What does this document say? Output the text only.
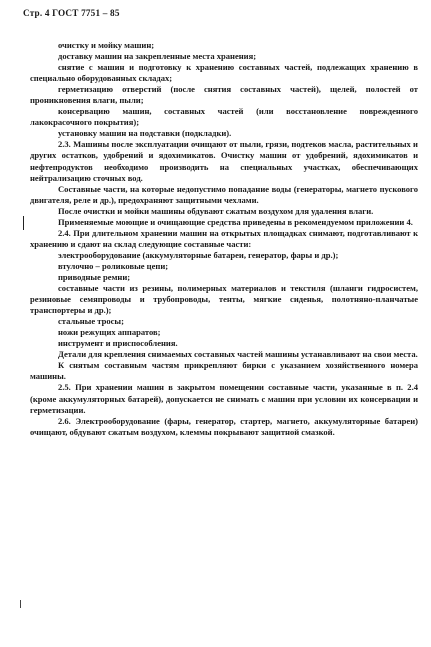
Стр. 4 ГОСТ 7751 – 85

очистку и мойку машин;

доставку машин на закрепленные места хранения;

снятие с машин и подготовку к хранению составных частей, подлежащих хранению в специально оборудованных складах;

герметизацию отверстий (после снятия составных частей), щелей, полостей от проникновения влаги, пыли;

консервацию машин, составных частей (или восстановление поврежденного лакокрасочного покрытия);

установку машин на подставки (подкладки).

2.3. Машины после эксплуатации очищают от пыли, грязи, подтеков масла, растительных и других остатков, удобрений и ядохимикатов. Очистку машин от удобрений, ядохимикатов и нефтепродуктов необходимо производить на специальных участках, обеспечивающих нейтрализацию сточных вод.

Составные части, на которые недопустимо попадание воды (генераторы, магнето пускового двигателя, реле и др.), предохраняют защитными чехлами.

После очистки и мойки машины обдувают сжатым воздухом для удаления влаги.

Применяемые моющие и очищающие средства приведены в рекомендуемом приложении 4.

2.4. При длительном хранении машин на открытых площадках снимают, подготавливают к хранению и сдают на склад следующие составные части:

электрооборудование (аккумуляторные батареи, генератор, фары и др.);

втулочно – роликовые цепи;

приводные ремни;

составные части из резины, полимерных материалов и текстиля (шланги гидросистем, резиновые семяпроводы и трубопроводы, тенты, мягкие сиденья, полотняно-планчатые транспортеры и др.);

стальные тросы;

ножи режущих аппаратов;

инструмент и приспособления.

Детали для крепления снимаемых составных частей машины устанавливают на свои места.

К снятым составным частям прикрепляют бирки с указанием хозяйственного номера машины.

2.5. При хранении машин в закрытом помещении составные части, указанные в п. 2.4 (кроме аккумуляторных батарей), допускается не снимать с машин при условии их консервации и герметизации.

2.6. Электрооборудование (фары, генератор, стартер, магнето, аккумуляторные батареи) очищают, обдувают сжатым воздухом, клеммы покрывают защитной смазкой.
